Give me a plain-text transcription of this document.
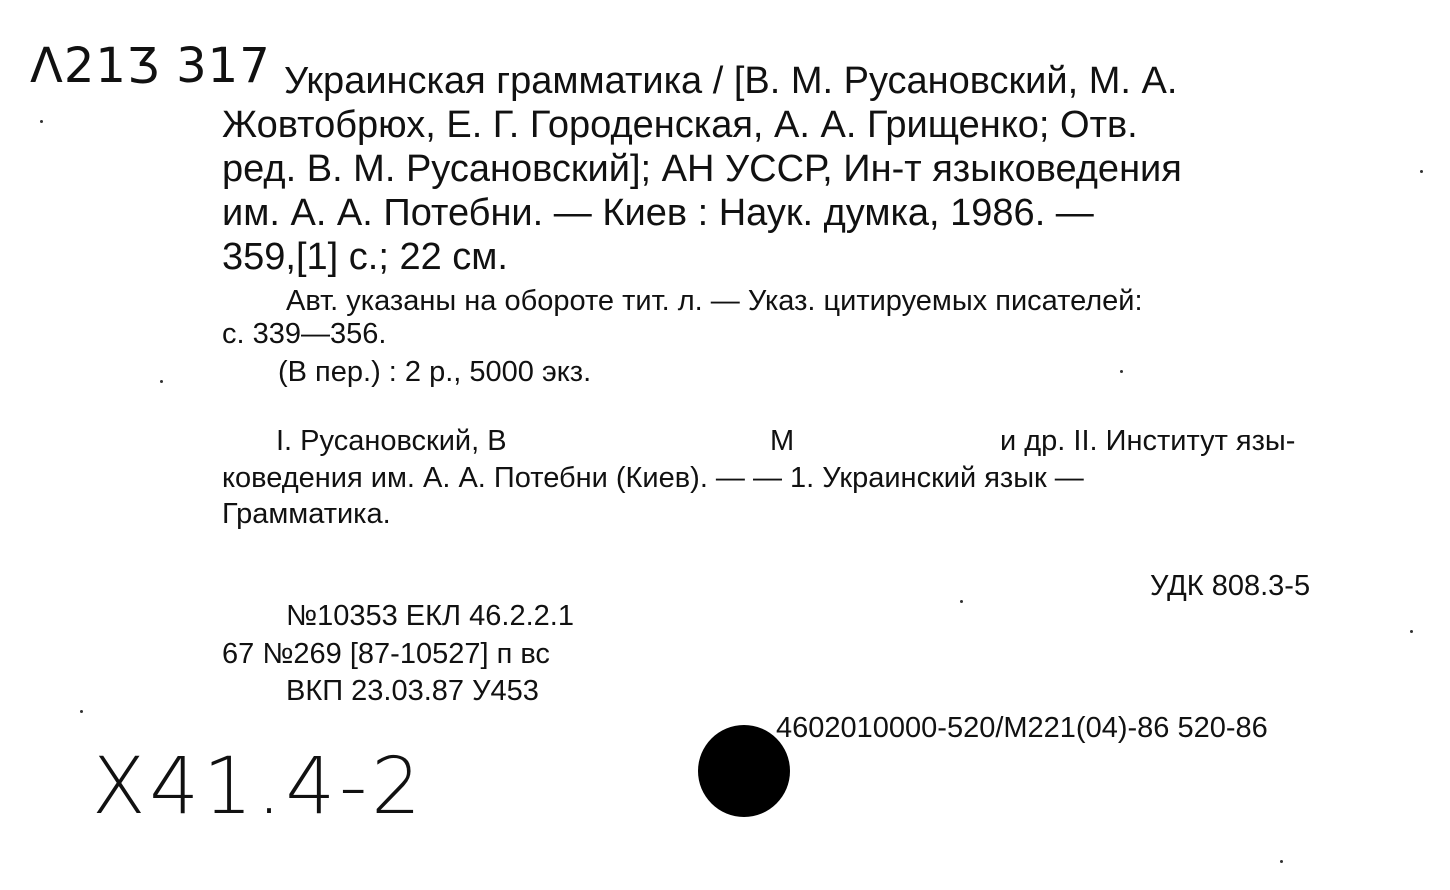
Λ21Ʒ 317 Украинская грамматика / [В. М. Русановский, М. А.
Жовтобрюх, Е. Г. Городенская, А. А. Грищенко; Отв.
ред. В. М. Русановский]; АН УССР, Ин-т языковедения
им. А. А. Потебни. — Киев : Наук. думка, 1986. —
359,[1] с.; 22 см.
Авт. указаны на обороте тит. л. — Указ. цитируемых писателей:
с. 339—356.
(В пер.) : 2 р., 5000 экз.
I. Русановский, В	М	и др. II. Институт язы-
коведения им. А. А. Потебни (Киев). — — 1. Украинский язык —
Грамматика.
УДК 808.3-5
№10353 ЕКЛ 46.2.2.1
67 №269 [87-10527] п вс
ВКП 23.03.87 У453
4602010000-520/М221(04)-86 520-86
X41.4-2
